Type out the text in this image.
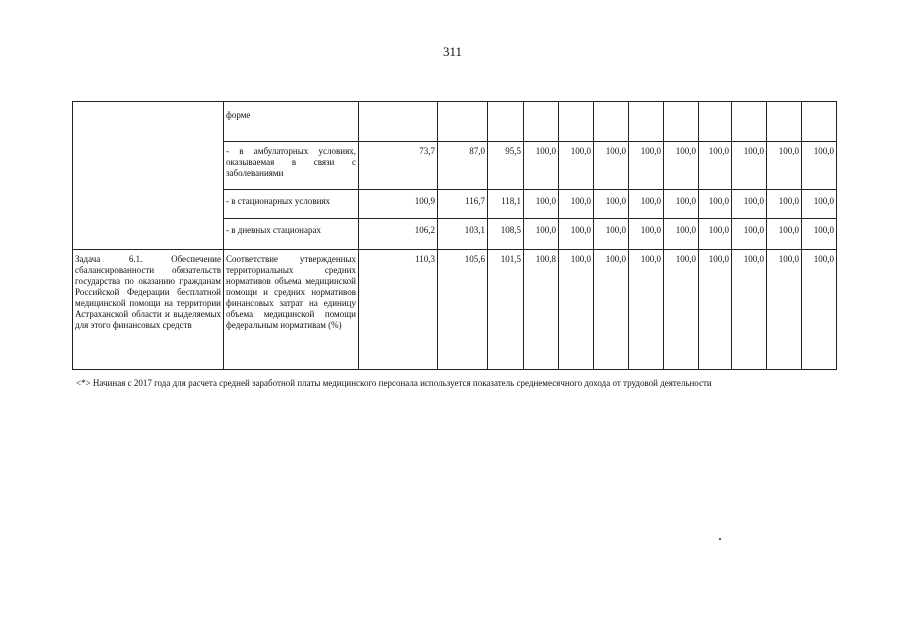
311
	форме												
	- в амбулаторных условиях, оказываемая в связи с заболеваниями	73,7	87,0	95,5	100,0	100,0	100,0	100,0	100,0	100,0	100,0	100,0	100,0
	- в стационарных условиях	100,9	116,7	118,1	100,0	100,0	100,0	100,0	100,0	100,0	100,0	100,0	100,0
	- в дневных стационарах	106,2	103,1	108,5	100,0	100,0	100,0	100,0	100,0	100,0	100,0	100,0	100,0
Задача 6.1. Обеспечение сбалансированности обязательств государства по оказанию гражданам Российской Федерации бесплатной медицинской помощи на территории Астраханской области и выделяемых для этого финансовых средств	Соответствие утвержденных территориальных средних нормативов объема медицинской помощи и средних нормативов финансовых затрат на единицу объема медицинской помощи федеральным нормативам (%)	110,3	105,6	101,5	100,8	100,0	100,0	100,0	100,0	100,0	100,0	100,0	100,0
<*> Начиная с 2017 года для расчета средней заработной платы медицинского персонала используется показатель среднемесячного дохода от трудовой деятельности
